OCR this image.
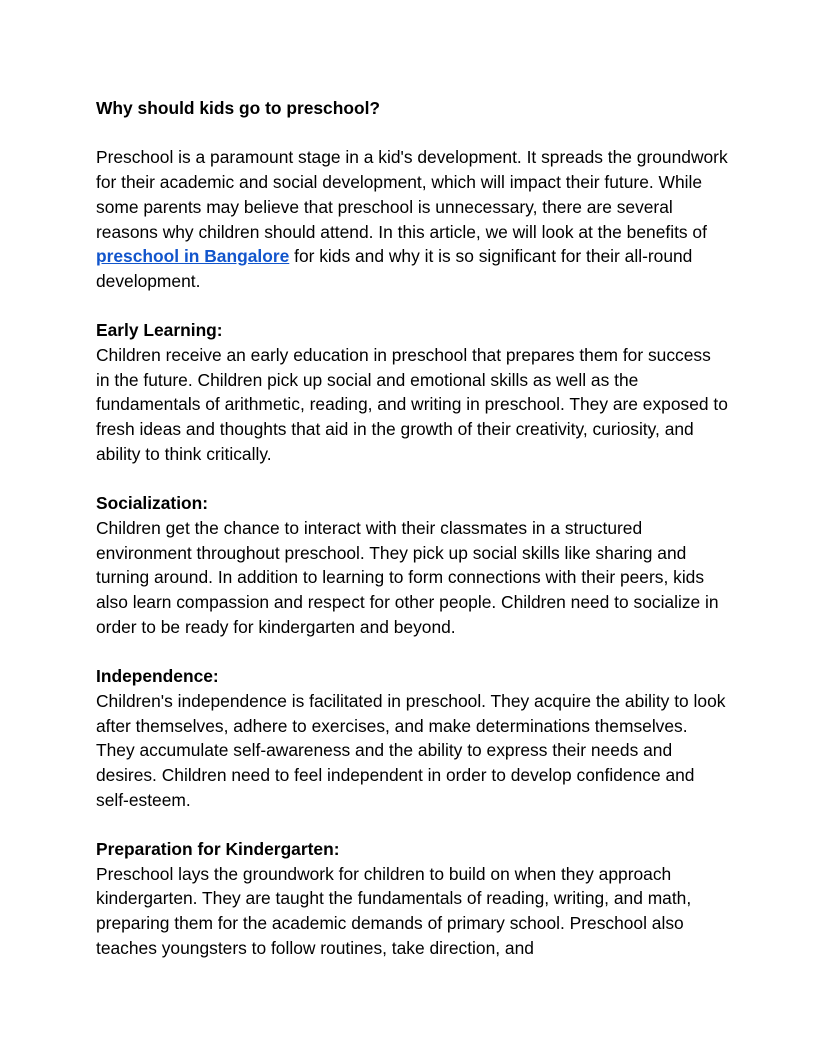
Why should kids go to preschool?

Preschool is a paramount stage in a kid's development. It spreads the groundwork for their academic and social development, which will impact their future. While some parents may believe that preschool is unnecessary, there are several reasons why children should attend. In this article, we will look at the benefits of preschool in Bangalore for kids and why it is so significant for their all-round development.

Early Learning:

Children receive an early education in preschool that prepares them for success in the future. Children pick up social and emotional skills as well as the fundamentals of arithmetic, reading, and writing in preschool. They are exposed to fresh ideas and thoughts that aid in the growth of their creativity, curiosity, and ability to think critically.

Socialization:

Children get the chance to interact with their classmates in a structured environment throughout preschool. They pick up social skills like sharing and turning around. In addition to learning to form connections with their peers, kids also learn compassion and respect for other people. Children need to socialize in order to be ready for kindergarten and beyond.

Independence:

Children's independence is facilitated in preschool. They acquire the ability to look after themselves, adhere to exercises, and make determinations themselves. They accumulate self-awareness and the ability to express their needs and desires. Children need to feel independent in order to develop confidence and self-esteem.

Preparation for Kindergarten:

Preschool lays the groundwork for children to build on when they approach kindergarten. They are taught the fundamentals of reading, writing, and math, preparing them for the academic demands of primary school. Preschool also teaches youngsters to follow routines, take direction, and
